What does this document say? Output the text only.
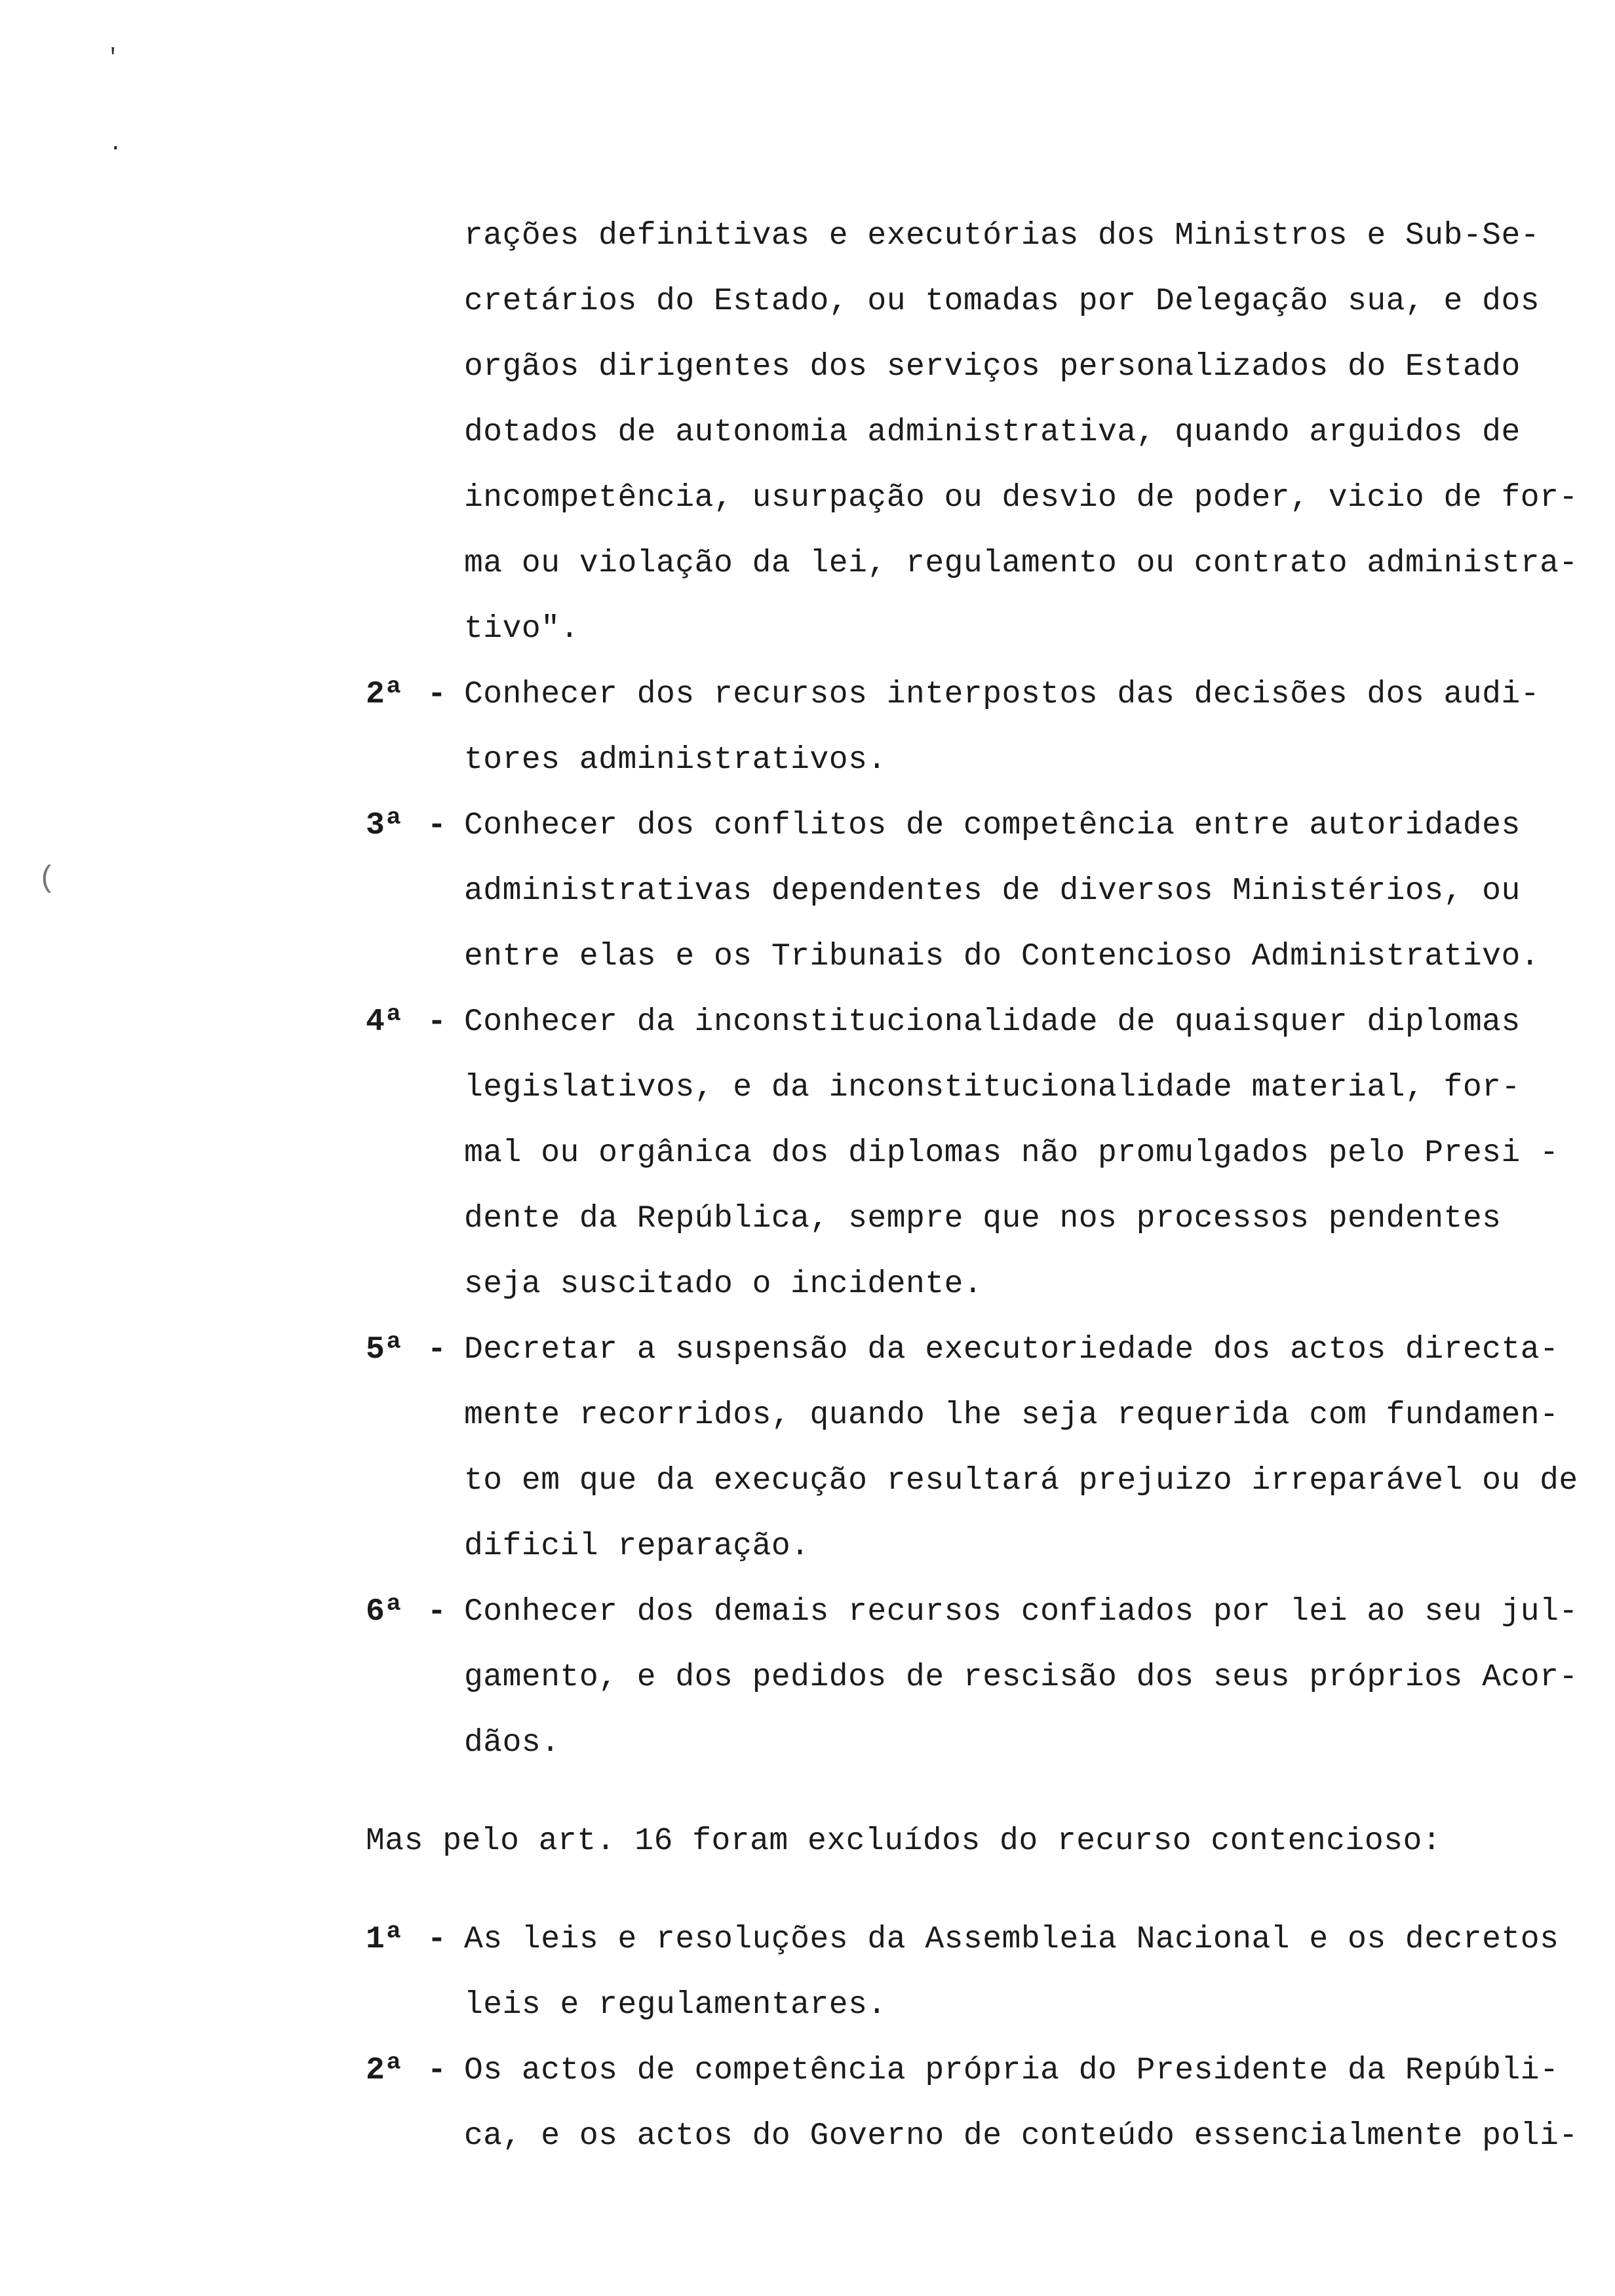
'
·
(
rações definitivas e executórias dos Ministros e Sub-Se-
cretários do Estado, ou tomadas por Delegação sua, e dos
orgãos dirigentes dos serviços personalizados do Estado
dotados de autonomia administrativa, quando arguidos de
incompetência, usurpação ou desvio de poder, vicio de for-
ma ou violação da lei, regulamento ou contrato administra-
tivo".
2ª - Conhecer dos recursos interpostos das decisões dos audi-
tores administrativos.
3ª - Conhecer dos conflitos de competência entre autoridades
administrativas dependentes de diversos Ministérios, ou
entre elas e os Tribunais do Contencioso Administrativo.
4ª - Conhecer da inconstitucionalidade de quaisquer diplomas
legislativos, e da inconstitucionalidade material, for-
mal ou orgânica dos diplomas não promulgados pelo Presi -
dente da República, sempre que nos processos pendentes
seja suscitado o incidente.
5ª - Decretar a suspensão da executoriedade dos actos directa-
mente recorridos, quando lhe seja requerida com fundamen-
to em que da execução resultará prejuizo irreparável ou de
dificil reparação.
6ª - Conhecer dos demais recursos confiados por lei ao seu jul-
gamento, e dos pedidos de rescisão dos seus próprios Acor-
dãos.
Mas pelo art. 16 foram excluídos do recurso contencioso:
1ª - As leis e resoluções da Assembleia Nacional e os decretos
leis e regulamentares.
2ª - Os actos de competência própria do Presidente da Repúbli-
ca, e os actos do Governo de conteúdo essencialmente poli-
